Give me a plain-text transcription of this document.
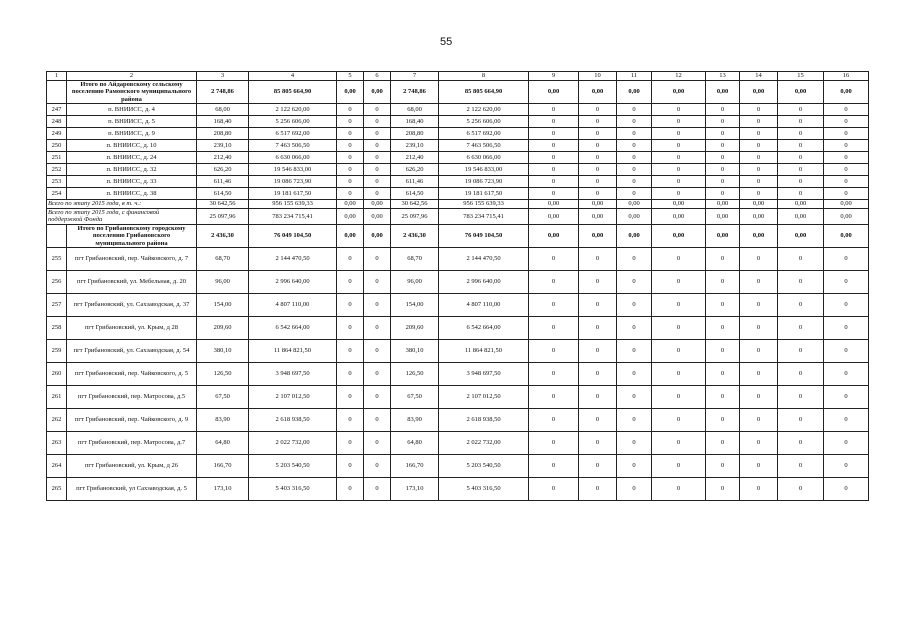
55
1	2	3	4	5	6	7	8	9	10	11	12	13	14	15	16
	Итого по Айдаровскому сельскому поселению Рамонского муниципального района	2 748,86	85 805 664,90	0,00	0,00	2 748,86	85 805 664,90	0,00	0,00	0,00	0,00	0,00	0,00	0,00	0,00
247	п. ВНИИСС, д. 4	68,00	2 122 620,00	0	0	68,00	2 122 620,00	0	0	0	0	0	0	0	0
248	п. ВНИИСС, д. 5	168,40	5 256 606,00	0	0	168,40	5 256 606,00	0	0	0	0	0	0	0	0
249	п. ВНИИСС, д. 9	208,80	6 517 692,00	0	0	208,80	6 517 692,00	0	0	0	0	0	0	0	0
250	п. ВНИИСС, д. 10	239,10	7 463 506,50	0	0	239,10	7 463 506,50	0	0	0	0	0	0	0	0
251	п. ВНИИСС, д. 24	212,40	6 630 066,00	0	0	212,40	6 630 066,00	0	0	0	0	0	0	0	0
252	п. ВНИИСС, д. 32	626,20	19 546 833,00	0	0	626,20	19 546 833,00	0	0	0	0	0	0	0	0
253	п. ВНИИСС, д. 33	611,46	19 086 723,90	0	0	611,46	19 086 723,90	0	0	0	0	0	0	0	0
254	п. ВНИИСС, д. 38	614,50	19 181 617,50	0	0	614,50	19 181 617,50	0	0	0	0	0	0	0	0
Всего по этапу 2015 года, в т. ч.:		30 642,56	956 155 639,33	0,00	0,00	30 642,56	956 155 639,33	0,00	0,00	0,00	0,00	0,00	0,00	0,00	0,00
Всего по этапу 2015 года, с финансовой поддержкой Фонда		25 097,96	783 234 715,41	0,00	0,00	25 097,96	783 234 715,41	0,00	0,00	0,00	0,00	0,00	0,00	0,00	0,00
	Итого по Грибановскому городскому поселению Грибановского муниципального района	2 436,30	76 049 104,50	0,00	0,00	2 436,30	76 049 104,50	0,00	0,00	0,00	0,00	0,00	0,00	0,00	0,00
255	пгт Грибановский, пер. Чайковского, д. 7	68,70	2 144 470,50	0	0	68,70	2 144 470,50	0	0	0	0	0	0	0	0
256	пгт Грибановский, ул. Мебельная, д. 20	96,00	2 996 640,00	0	0	96,00	2 996 640,00	0	0	0	0	0	0	0	0
257	пгт Грибановский, ул. Сахзаводская, д. 37	154,00	4 807 110,00	0	0	154,00	4 807 110,00	0	0	0	0	0	0	0	0
258	пгт Грибановский, ул. Крым, д 28	209,60	6 542 664,00	0	0	209,60	6 542 664,00	0	0	0	0	0	0	0	0
259	пгт Грибановский, ул. Сахзаводская, д. 54	380,10	11 864 821,50	0	0	380,10	11 864 821,50	0	0	0	0	0	0	0	0
260	пгт Грибановский, пер. Чайковского, д. 5	126,50	3 948 697,50	0	0	126,50	3 948 697,50	0	0	0	0	0	0	0	0
261	пгт Грибановский, пер. Матросова, д.5	67,50	2 107 012,50	0	0	67,50	2 107 012,50	0	0	0	0	0	0	0	0
262	пгт Грибановский, пер. Чайковского, д. 9	83,90	2 618 938,50	0	0	83,90	2 618 938,50	0	0	0	0	0	0	0	0
263	пгт Грибановский, пер. Матросова, д.7	64,80	2 022 732,00	0	0	64,80	2 022 732,00	0	0	0	0	0	0	0	0
264	пгт Грибановский, ул. Крым, д 26	166,70	5 203 540,50	0	0	166,70	5 203 540,50	0	0	0	0	0	0	0	0
265	пгт Грибановский, ул Сахзаводская, д. 5	173,10	5 403 316,50	0	0	173,10	5 403 316,50	0	0	0	0	0	0	0	0
